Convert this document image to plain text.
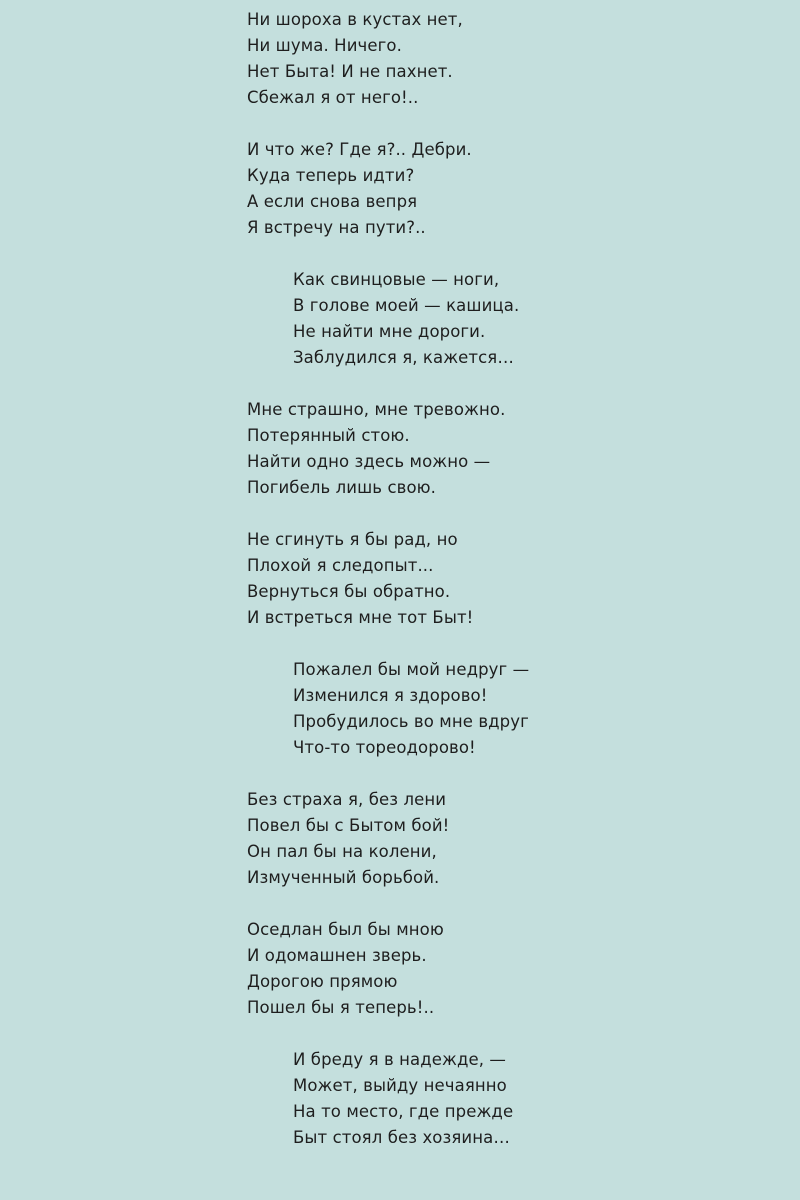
Ни шороха в кустах нет,
Ни шума. Ничего.
Нет Быта! И не пахнет.
Сбежал я от него!..
И что же? Где я?.. Дебри.
Куда теперь идти?
А если снова вепря
Я встречу на пути?..
Как свинцовые — ноги,
В голове моей — кашица.
Не найти мне дороги.
Заблудился я, кажется…
Мне страшно, мне тревожно.
Потерянный стою.
Найти одно здесь можно —
Погибель лишь свою.
Не сгинуть я бы рад, но
Плохой я следопыт...
Вернуться бы обратно.
И встреться мне тот Быт!
Пожалел бы мой недруг —
Изменился я здорово!
Пробудилось во мне вдруг
Что-то тореодорово!
Без страха я, без лени
Повел бы с Бытом бой!
Он пал бы на колени,
Измученный борьбой.
Оседлан был бы мною
И одомашнен зверь.
Дорогою прямою
Пошел бы я теперь!..
И бреду я в надежде, —
Может, выйду нечаянно
На то место, где прежде
Быт стоял без хозяина…
